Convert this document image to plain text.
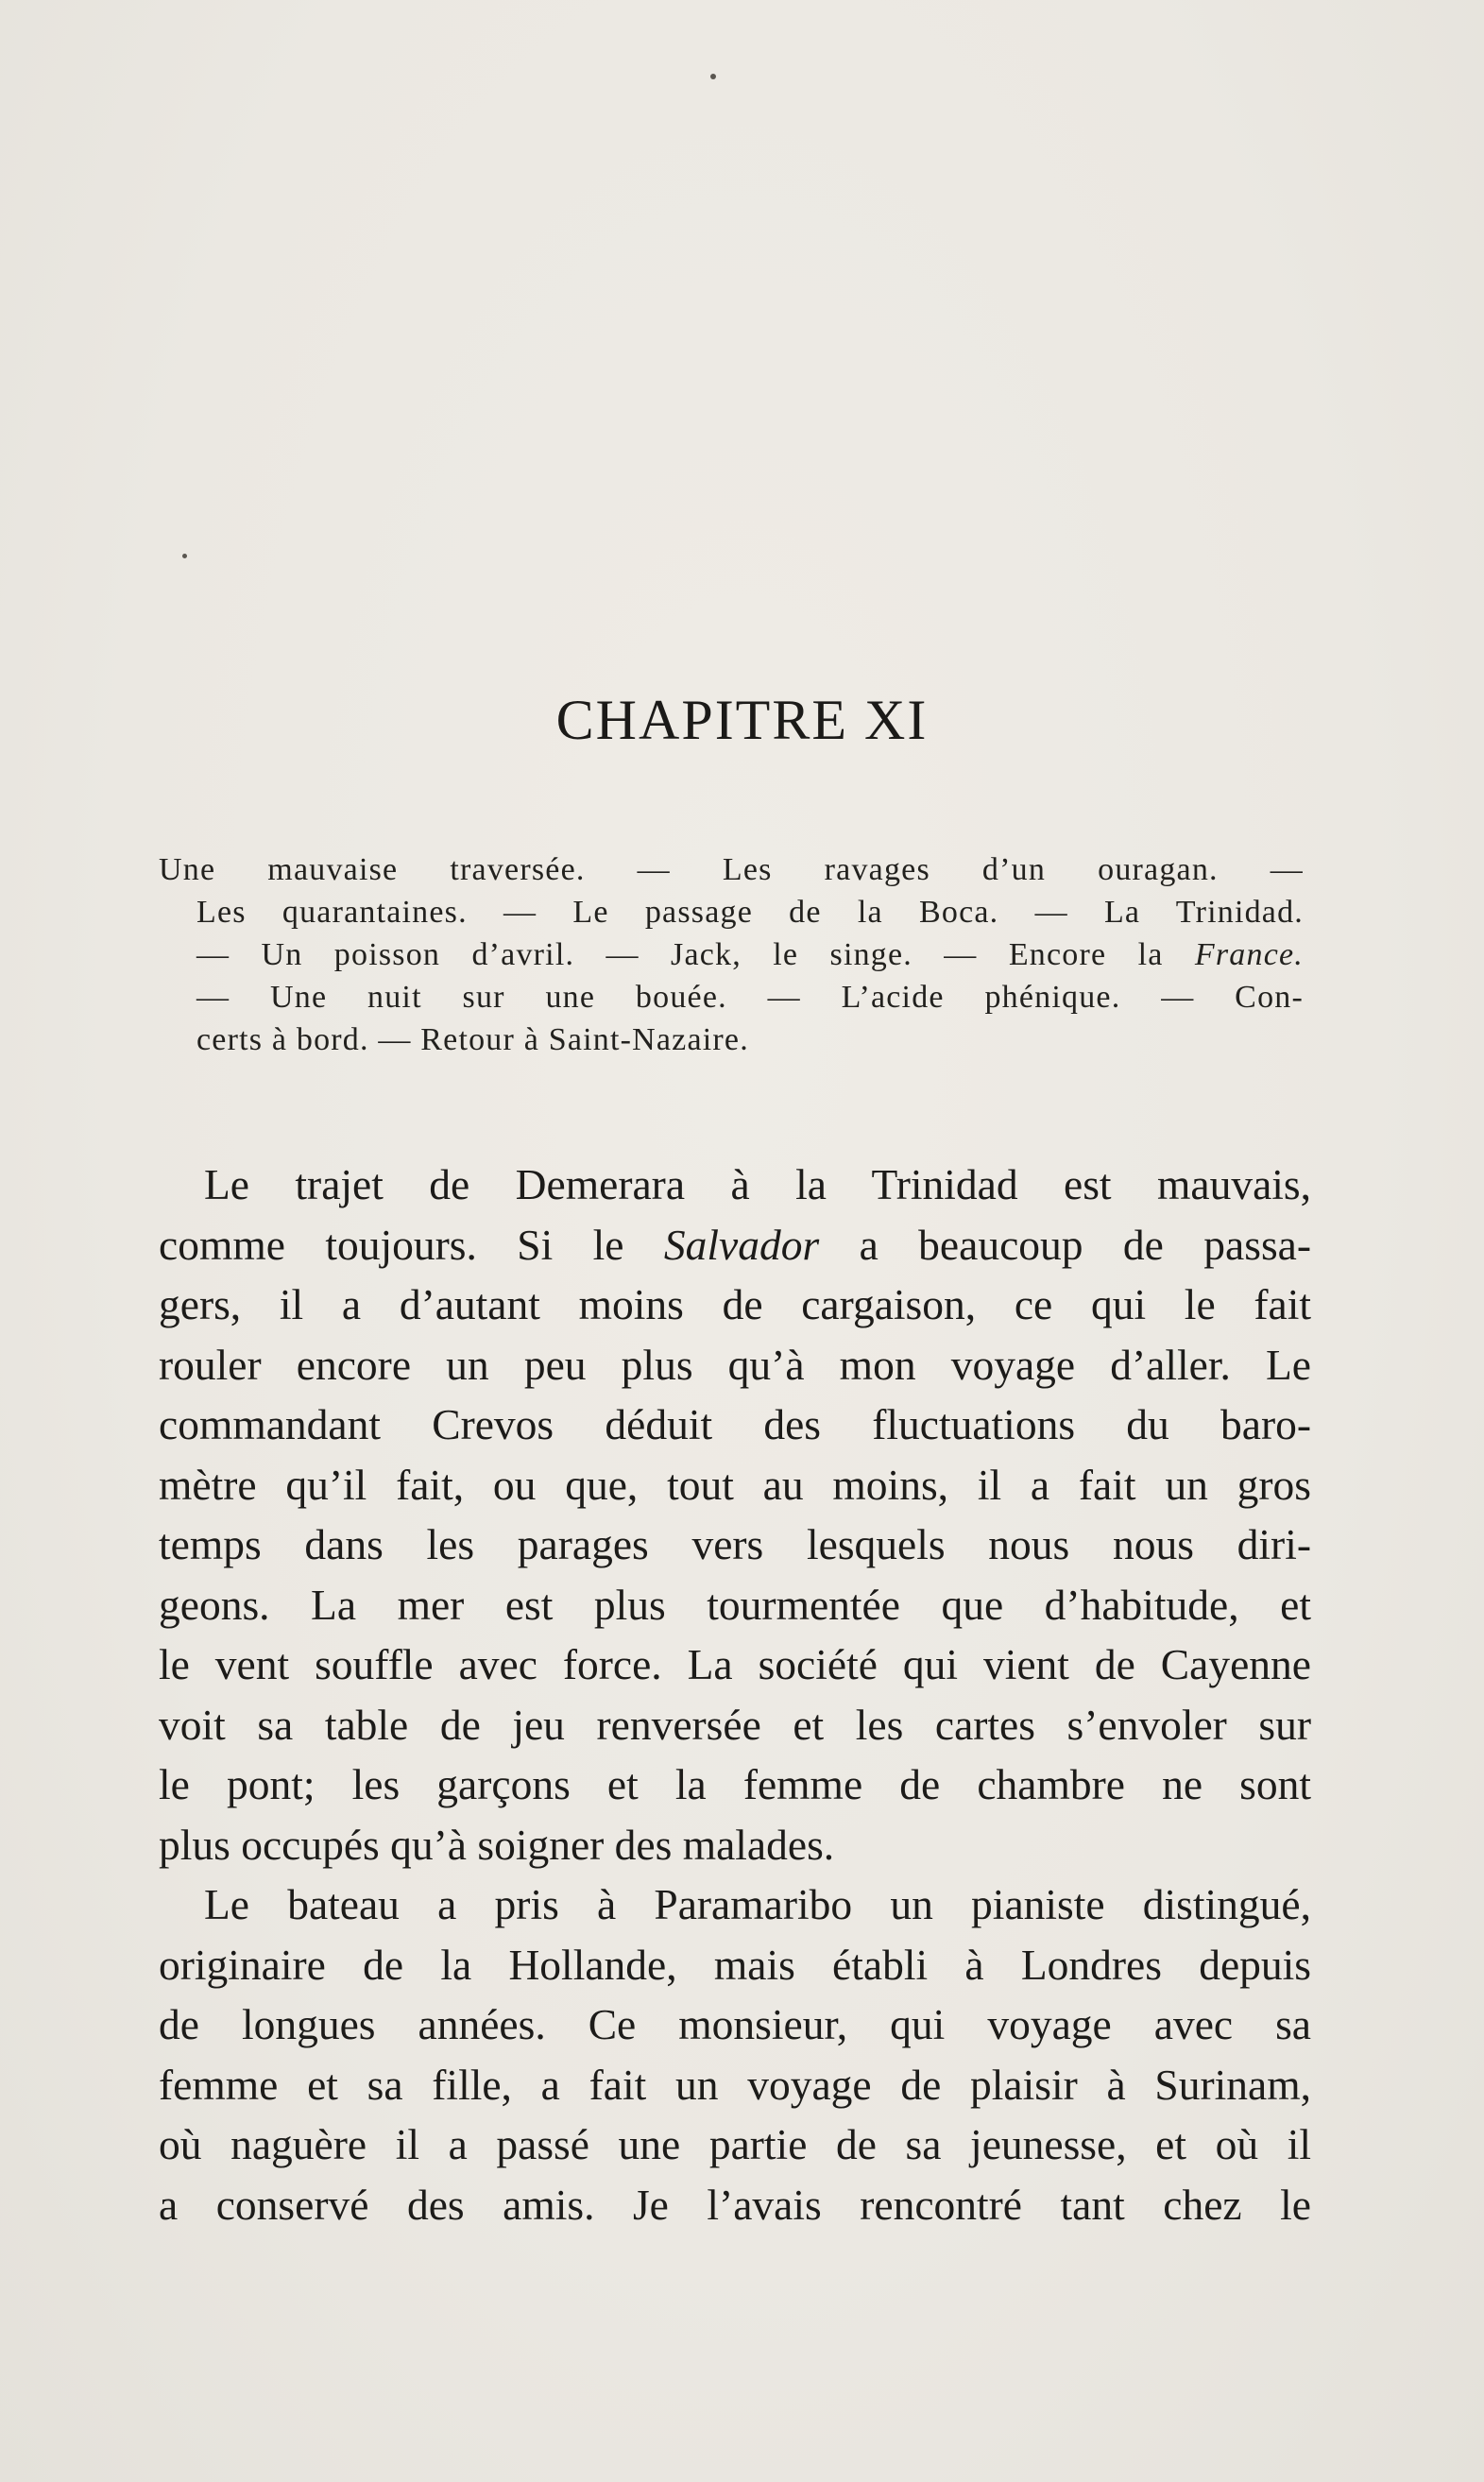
CHAPITRE XI
Une mauvaise traversée. — Les ravages d’un ouragan. —
Les quarantaines. — Le passage de la Boca. — La Trinidad.
— Un poisson d’avril. — Jack, le singe. — Encore la France.
— Une nuit sur une bouée. — L’acide phénique. — Con-
certs à bord. — Retour à Saint-Nazaire.
Le trajet de Demerara à la Trinidad est mauvais,
comme toujours. Si le Salvador a beaucoup de passa-
gers, il a d’autant moins de cargaison, ce qui le fait
rouler encore un peu plus qu’à mon voyage d’aller. Le
commandant Crevos déduit des fluctuations du baro-
mètre qu’il fait, ou que, tout au moins, il a fait un gros
temps dans les parages vers lesquels nous nous diri-
geons. La mer est plus tourmentée que d’habitude, et
le vent souffle avec force. La société qui vient de Cayenne
voit sa table de jeu renversée et les cartes s’envoler sur
le pont; les garçons et la femme de chambre ne sont
plus occupés qu’à soigner des malades.
Le bateau a pris à Paramaribo un pianiste distingué,
originaire de la Hollande, mais établi à Londres depuis
de longues années. Ce monsieur, qui voyage avec sa
femme et sa fille, a fait un voyage de plaisir à Surinam,
où naguère il a passé une partie de sa jeunesse, et où il
a conservé des amis. Je l’avais rencontré tant chez le
